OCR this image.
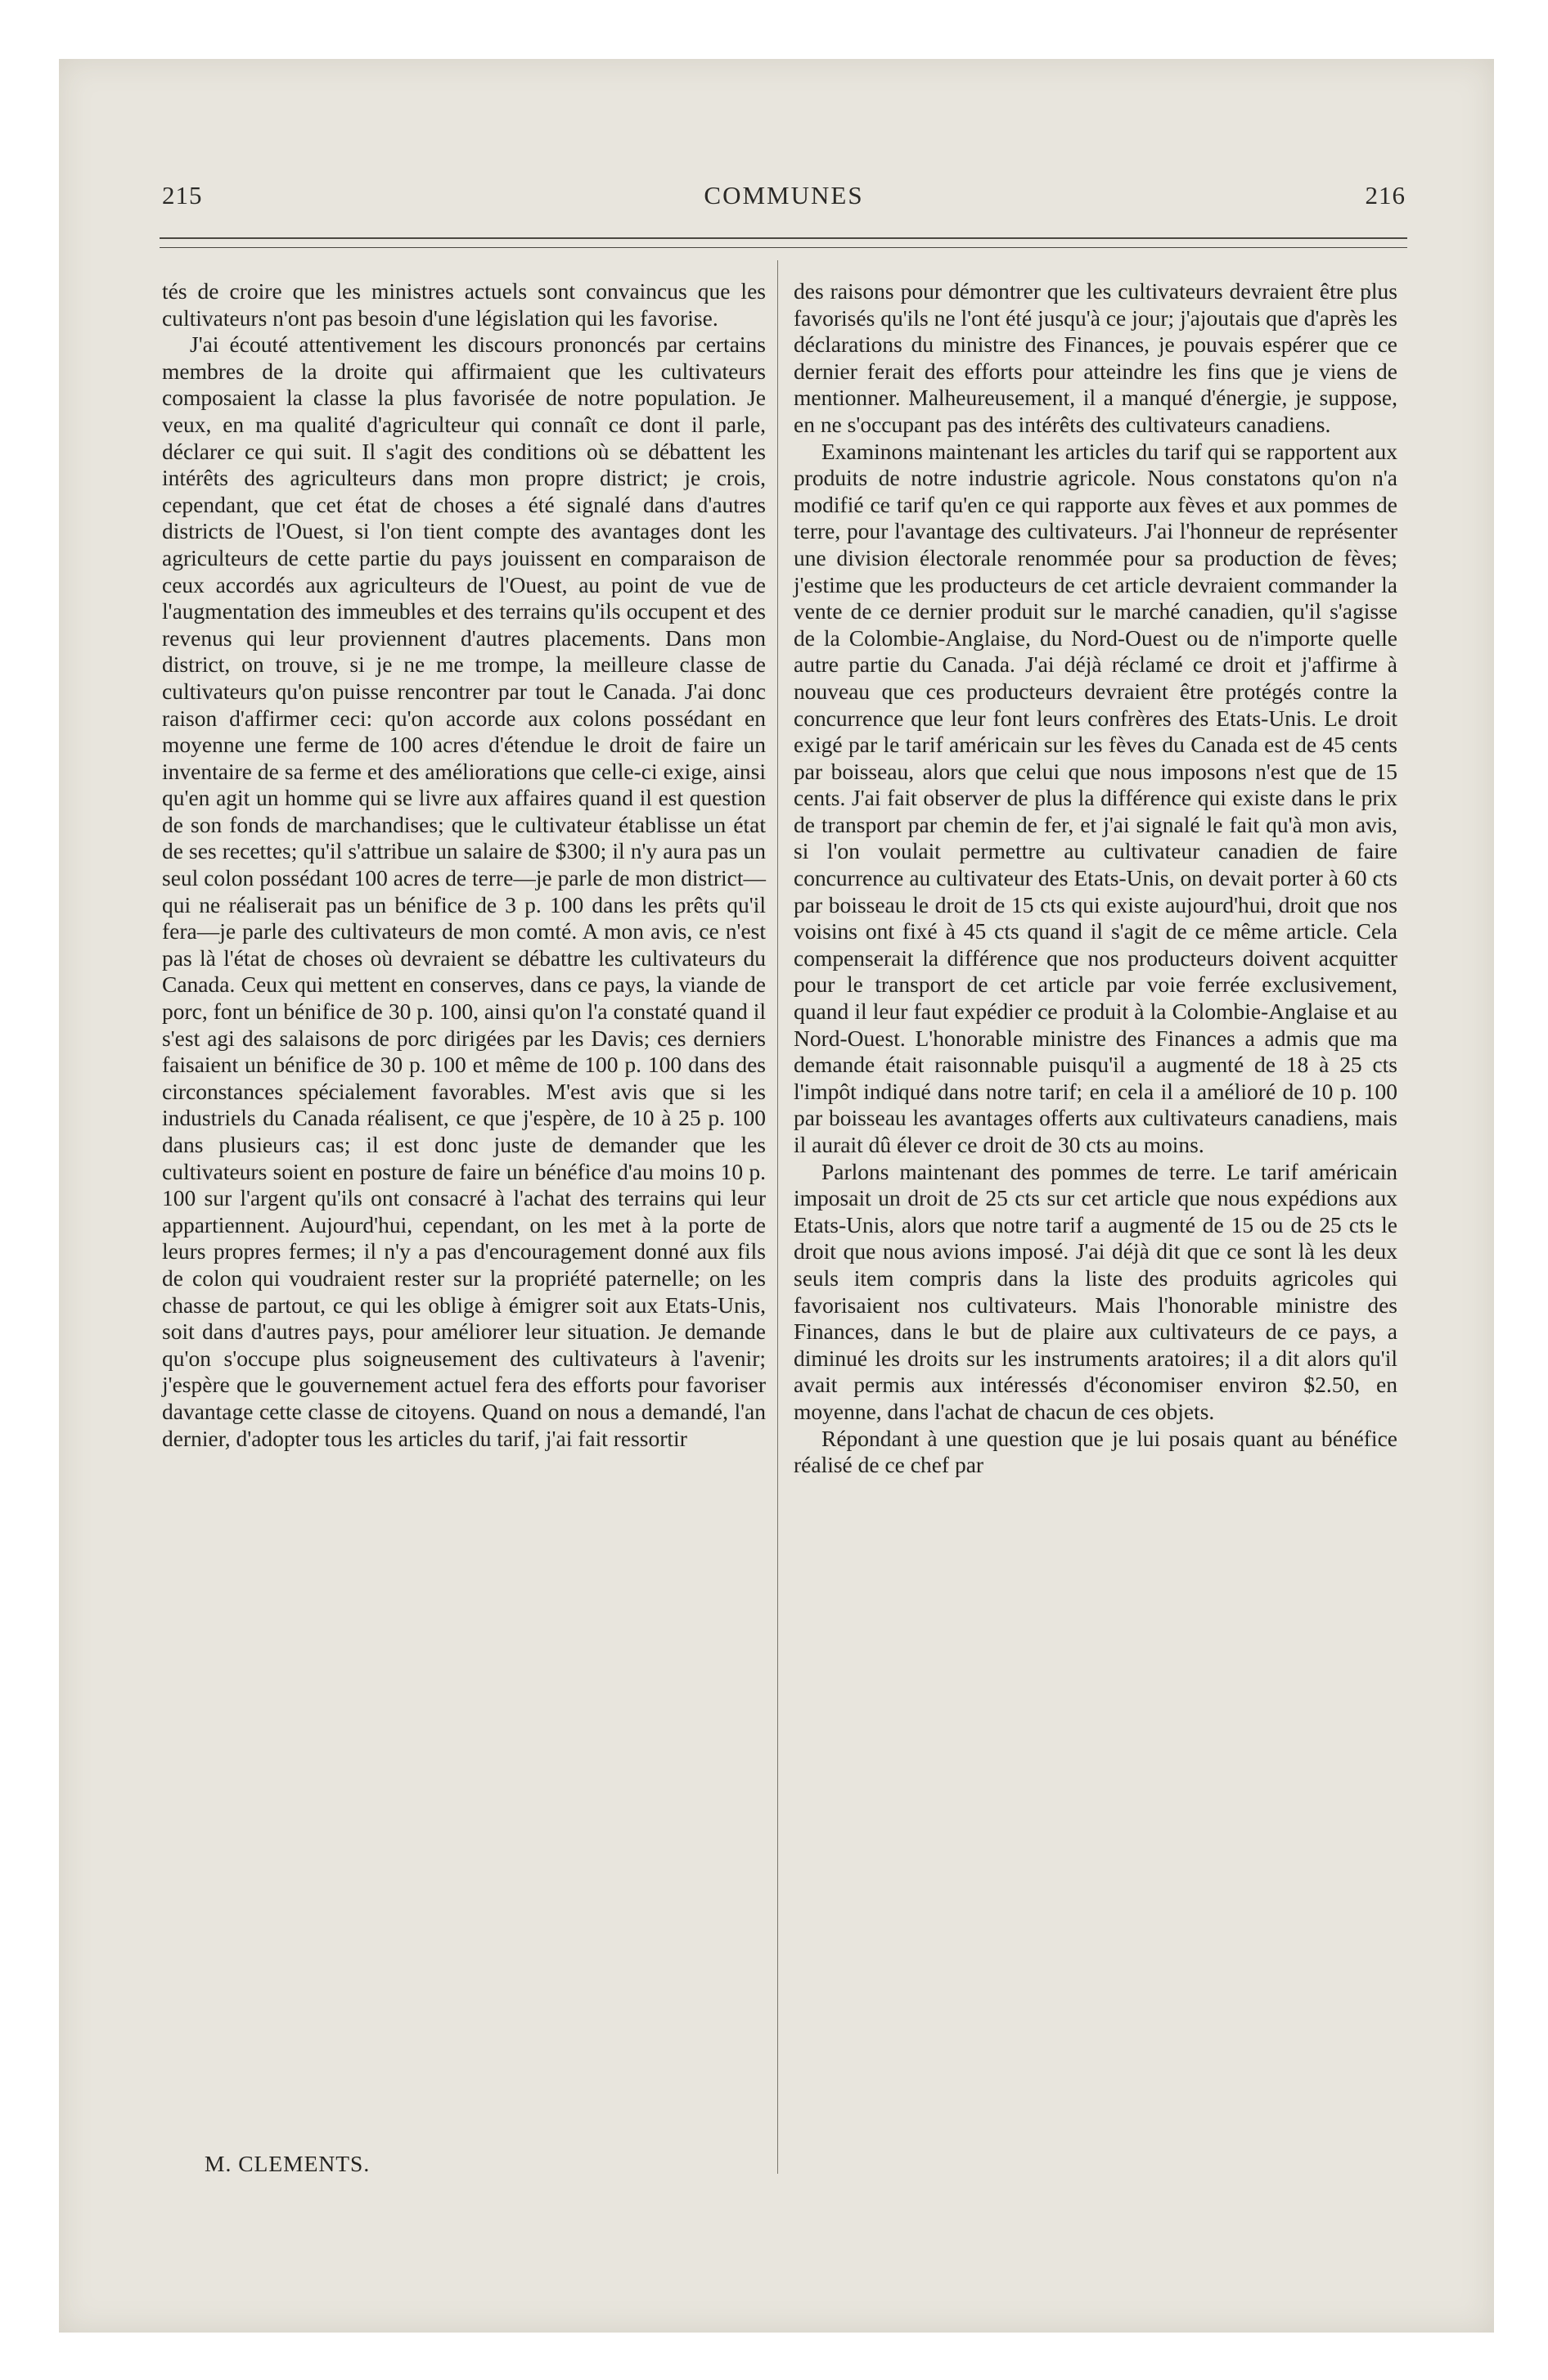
215	COMMUNES	216

tés de croire que les ministres actuels sont convaincus que les cultivateurs n'ont pas besoin d'une législation qui les favorise.

J'ai écouté attentivement les discours prononcés par certains membres de la droite qui affirmaient que les cultivateurs composaient la classe la plus favorisée de notre population. Je veux, en ma qualité d'agriculteur qui connaît ce dont il parle, déclarer ce qui suit. Il s'agit des conditions où se débattent les intérêts des agriculteurs dans mon propre district; je crois, cependant, que cet état de choses a été signalé dans d'autres districts de l'Ouest, si l'on tient compte des avantages dont les agriculteurs de cette partie du pays jouissent en comparaison de ceux accordés aux agriculteurs de l'Ouest, au point de vue de l'augmentation des immeubles et des terrains qu'ils occupent et des revenus qui leur proviennent d'autres placements. Dans mon district, on trouve, si je ne me trompe, la meilleure classe de cultivateurs qu'on puisse rencontrer par tout le Canada. J'ai donc raison d'affirmer ceci: qu'on accorde aux colons possédant en moyenne une ferme de 100 acres d'étendue le droit de faire un inventaire de sa ferme et des améliorations que celle-ci exige, ainsi qu'en agit un homme qui se livre aux affaires quand il est question de son fonds de marchandises; que le cultivateur établisse un état de ses recettes; qu'il s'attribue un salaire de $300; il n'y aura pas un seul colon possédant 100 acres de terre—je parle de mon district—qui ne réaliserait pas un bénifice de 3 p. 100 dans les prêts qu'il fera—je parle des cultivateurs de mon comté. A mon avis, ce n'est pas là l'état de choses où devraient se débattre les cultivateurs du Canada. Ceux qui mettent en conserves, dans ce pays, la viande de porc, font un bénifice de 30 p. 100, ainsi qu'on l'a constaté quand il s'est agi des salaisons de porc dirigées par les Davis; ces derniers faisaient un bénifice de 30 p. 100 et même de 100 p. 100 dans des circonstances spécialement favorables. M'est avis que si les industriels du Canada réalisent, ce que j'espère, de 10 à 25 p. 100 dans plusieurs cas; il est donc juste de demander que les cultivateurs soient en posture de faire un bénéfice d'au moins 10 p. 100 sur l'argent qu'ils ont consacré à l'achat des terrains qui leur appartiennent. Aujourd'hui, cependant, on les met à la porte de leurs propres fermes; il n'y a pas d'encouragement donné aux fils de colon qui voudraient rester sur la propriété paternelle; on les chasse de partout, ce qui les oblige à émigrer soit aux Etats-Unis, soit dans d'autres pays, pour améliorer leur situation. Je demande qu'on s'occupe plus soigneusement des cultivateurs à l'avenir; j'espère que le gouvernement actuel fera des efforts pour favoriser davantage cette classe de citoyens. Quand on nous a demandé, l'an dernier, d'adopter tous les articles du tarif, j'ai fait ressortir

M. CLEMENTS.

des raisons pour démontrer que les cultivateurs devraient être plus favorisés qu'ils ne l'ont été jusqu'à ce jour; j'ajoutais que d'après les déclarations du ministre des Finances, je pouvais espérer que ce dernier ferait des efforts pour atteindre les fins que je viens de mentionner. Malheureusement, il a manqué d'énergie, je suppose, en ne s'occupant pas des intérêts des cultivateurs canadiens.

Examinons maintenant les articles du tarif qui se rapportent aux produits de notre industrie agricole. Nous constatons qu'on n'a modifié ce tarif qu'en ce qui rapporte aux fèves et aux pommes de terre, pour l'avantage des cultivateurs. J'ai l'honneur de représenter une division électorale renommée pour sa production de fèves; j'estime que les producteurs de cet article devraient commander la vente de ce dernier produit sur le marché canadien, qu'il s'agisse de la Colombie-Anglaise, du Nord-Ouest ou de n'importe quelle autre partie du Canada. J'ai déjà réclamé ce droit et j'affirme à nouveau que ces producteurs devraient être protégés contre la concurrence que leur font leurs confrères des Etats-Unis. Le droit exigé par le tarif américain sur les fèves du Canada est de 45 cents par boisseau, alors que celui que nous imposons n'est que de 15 cents. J'ai fait observer de plus la différence qui existe dans le prix de transport par chemin de fer, et j'ai signalé le fait qu'à mon avis, si l'on voulait permettre au cultivateur canadien de faire concurrence au cultivateur des Etats-Unis, on devait porter à 60 cts par boisseau le droit de 15 cts qui existe aujourd'hui, droit que nos voisins ont fixé à 45 cts quand il s'agit de ce même article. Cela compenserait la différence que nos producteurs doivent acquitter pour le transport de cet article par voie ferrée exclusivement, quand il leur faut expédier ce produit à la Colombie-Anglaise et au Nord-Ouest. L'honorable ministre des Finances a admis que ma demande était raisonnable puisqu'il a augmenté de 18 à 25 cts l'impôt indiqué dans notre tarif; en cela il a amélioré de 10 p. 100 par boisseau les avantages offerts aux cultivateurs canadiens, mais il aurait dû élever ce droit de 30 cts au moins.

Parlons maintenant des pommes de terre. Le tarif américain imposait un droit de 25 cts sur cet article que nous expédions aux Etats-Unis, alors que notre tarif a augmenté de 15 ou de 25 cts le droit que nous avions imposé. J'ai déjà dit que ce sont là les deux seuls item compris dans la liste des produits agricoles qui favorisaient nos cultivateurs. Mais l'honorable ministre des Finances, dans le but de plaire aux cultivateurs de ce pays, a diminué les droits sur les instruments aratoires; il a dit alors qu'il avait permis aux intéressés d'économiser environ $2.50, en moyenne, dans l'achat de chacun de ces objets.

Répondant à une question que je lui posais quant au bénéfice réalisé de ce chef par
